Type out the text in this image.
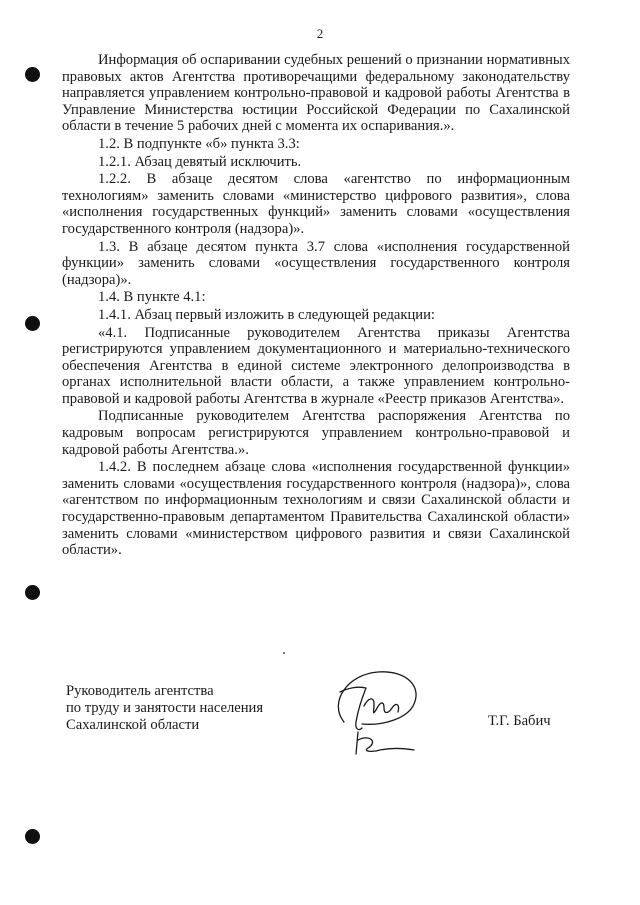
2

Информация об оспаривании судебных решений о признании нормативных правовых актов Агентства противоречащими федеральному законодательству направляется управлением контрольно-правовой и кадровой работы Агентства в Управление Министерства юстиции Российской Федерации по Сахалинской области в течение 5 рабочих дней с момента их оспаривания.».

1.2. В подпункте «б» пункта 3.3:

1.2.1. Абзац девятый исключить.

1.2.2. В абзаце десятом слова «агентство по информационным технологиям» заменить словами «министерство цифрового развития», слова «исполнения государственных функций» заменить словами «осуществления государственного контроля (надзора)».

1.3. В абзаце десятом пункта 3.7 слова «исполнения государственной функции» заменить словами «осуществления государственного контроля (надзора)».

1.4. В пункте 4.1:

1.4.1. Абзац первый изложить в следующей редакции:

«4.1. Подписанные руководителем Агентства приказы Агентства регистрируются управлением документационного и материально-технического обеспечения Агентства в единой системе электронного делопроизводства в органах исполнительной власти области, а также управлением контрольно-правовой и кадровой работы Агентства в журнале «Реестр приказов Агентства».

Подписанные руководителем Агентства распоряжения Агентства по кадровым вопросам регистрируются управлением контрольно-правовой и кадровой работы Агентства.».

1.4.2. В последнем абзаце слова «исполнения государственной функции» заменить словами «осуществления государственного контроля (надзора)», слова «агентством по информационным технологиям и связи Сахалинской области и государственно-правовым департаментом Правительства Сахалинской области» заменить словами «министерством цифрового развития и связи Сахалинской области».

Руководитель агентства
по труду и занятости населения
Сахалинской области	Т.Г. Бабич
